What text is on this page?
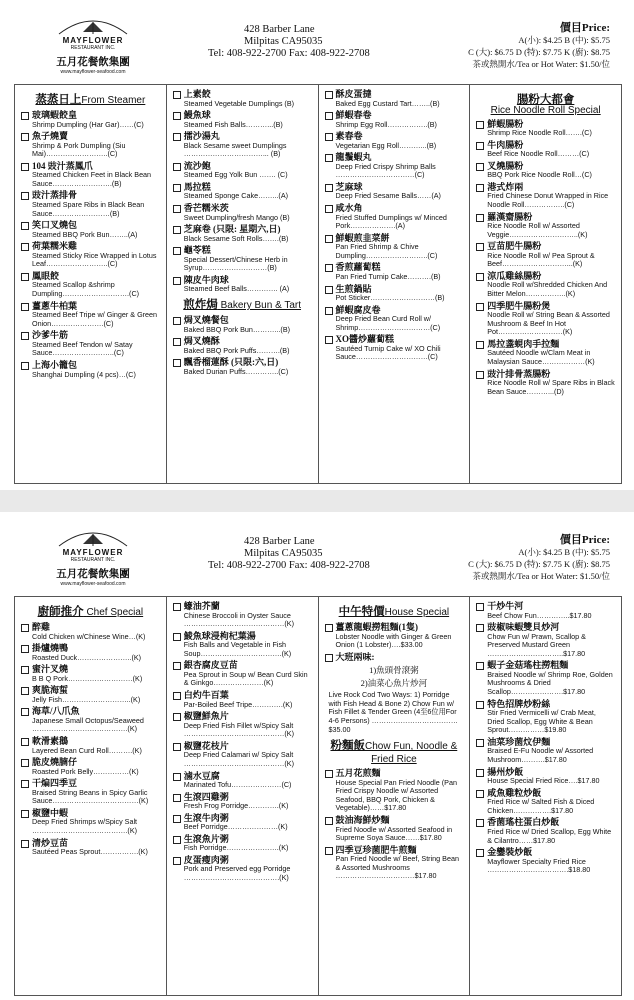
MAYFLOWER
RESTAURANT INC.
五月花餐飲集團
www.mayflower-seafood.com
428 Barber Lane
Milpitas CA95035
Tel: 408-922-2700 Fax: 408-922-2708
價目Price:
A(小): $4.25 B (中): $5.75
C (大): $6.75 D (特): $7.75 K (廚): $8.75
茶或熱開水/Tea or Hot Water: $1.50/位
蒸蒸日上From Steamer
玻璃蝦餃皇
Shrimp Dumpling (Har Gar)……(C)
魚子燒賣
Shrimp & Pork Dumpling (Siu Mai)……………………..(C)
104 豉汁蒸鳳爪
Steamed Chicken Feet in Black Bean Sauce…………………….(B)
豉汁蒸排骨
Steamed Spare Ribs in Black Bean Sauce……………………(B)
笑口叉燒包
Steamed BBQ Pork Bun……..(A)
荷葉糯米雞
Steamed Sticky Rice Wrapped in Lotus Leaf……………………..(C)
鳳眼餃
Steamed Scallop &shrimp Dumpling……………………….(C)
薑蔥牛柏葉
Steamed Beef Tripe w/ Ginger & Green Onion………………….(C)
沙爹牛筋
Steamed Beef Tendon w/ Satay Sauce……………………..(C)
上海小籠包
Shanghai Dumpling (4 pcs)…(C)
上素餃
Steamed Vegetable Dumplings (B)
鰻魚球
Steamed Fish Balls………...(B)
擂沙湯丸
Black Sesame sweet Dumplings ……………………………... (B)
流沙飽
Steamed Egg Yolk Bun ……. (C)
馬拉糕
Steamed Sponge Cake……...(A)
香芒糯米茨
Sweet Dumpling/fresh Mango (B)
芝麻卷 (只限: 星期六,日)
Black Sesame Soft Rolls…….(B)
龜苓糕
Special Dessert/Chinese Herb in Syrup………………………(B)
陳皮牛肉球
Steamed Beef Balls…………. (A)
煎炸焗 Bakery Bun & Tart
焗叉燒餐包
Baked BBQ Pork Bun………...(B)
焗叉燒酥
Baked BBQ Pork Puffs……….(B)
飄香榴蓮酥 (只限:六,日)
Baked Durian Puffs…………..(C)
酥皮蛋撻
Baked Egg Custard Tart……..(B)
鮮蝦春卷
Shrimp Egg Roll……………..(B)
素春卷
Vegetarian Egg Roll………...(B)
龍鬚蝦丸
Deep Fried Crispy Shrimp Balls ……………………………(C)
芝麻球
Deep Fried Sesame Balls……(A)
咸水角
Fried Stuffed Dumplings w/ Minced Pork……………….(A)
鮮蝦煎韭菜餅
Pan Fried Shrimp & Chive Dumpling……………………..(C)
香煎蘿蔔糕
Pan Fried Turnip Cake……….(B)
生煎鍋貼
Pot Sticker………………………(B)
鮮蝦腐皮卷
Deep Fried Bean Curd Roll w/ Shrimp…………………………(C)
XO醬炒蘿蔔糕
Sautéed Turnip Cake w/ XO Chili Sauce…………………………(C)
腸粉大都會
Rice Noodle Roll Special
鮮蝦腸粉
Shrimp Rice Noodle Roll…….(C)
牛肉腸粉
Beef Rice Noodle Roll………(C)
叉燒腸粉
BBQ Pork Rice Noodle Roll…(C)
港式炸兩
Fried Chinese Donut Wrapped in Rice Noodle Roll……………..(C)
羅漢齋腸粉
Rice Noodle Roll w/ Assorted Veggie………………………..(K)
豆苗肥牛腸粉
Rice Noodle Roll w/ Pea Sprout & Beef………………………...(K)
涼瓜雞絲腸粉
Noodle Roll w/Shredded Chicken And Bitter Melon……………..(K)
四季肥牛腸粉煲
Noodle Roll w/ String Bean & Assorted Mushroom & Beef In Hot Pot………………………(K)
馬拉盞蜆肉手拉麵
Sautéed Noodle w/Clam Meat in Malaysian Sauce………………(K)
豉汁排骨蒸腸粉
Rice Noodle Roll w/ Spare Ribs in Black Bean Sauce………...(D)
MAYFLOWER
RESTAURANT INC.
五月花餐飲集團
www.mayflower-seafood.com
428 Barber Lane
Milpitas CA95035
Tel: 408-922-2700 Fax: 408-922-2708
價目Price:
A(小): $4.25 B (中): $5.75
C (大): $6.75 D (特): $7.75 K (廚): $8.75
茶或熱開水/Tea or Hot Water: $1.50/位
廚師推介 Chef Special
醉雞
Cold Chicken w/Chinese Wine…(K)
掛爐燒鴨
Roasted Duck…………………..(K)
蜜汁叉燒
B B Q Pork………………………(K)
爽脆海蜇
Jelly Fish………………………..(K)
海草/八爪魚
Japanese Small Octopus/Seaweed ………………………………….(K)
軟滑素鵝
Layered Bean Curd Roll……….(K)
脆皮燒腩仔
Roasted Pork Belly……………(K)
干煸四季豆
Braised String Beans in Spicy Garlic Sauce………………………………(K)
椒鹽中蝦
Deep Fried Shrimps w/Spicy Salt ………………………………….(K)
清炒豆苗
Sautéed Peas Sprout…………….(K)
蠔油芥蘭
Chinese Broccoli in Oyster Sauce ……………………………………(K)
鯪魚球浸枸杞葉湯
Fish Balls and Vegetable in Fish Soup…………………………….(K)
銀杏腐皮豆苗
Pea Sprout in Soup w/ Bean Curd Skin & Ginkgo…………………(K)
白灼牛百葉
Par-Boiled Beef Tripe………….(K)
椒鹽鮮魚片
Deep Fried Fish Fillet w/Spicy Salt ……………………………………(K)
椒鹽花枝片
Deep Fried Calamari w/ Spicy Salt ……………………………………(K)
滷水豆腐
Marinated Tofu…………………(C)
生滾四雞粥
Fresh Frog Porridge………….(K)
生滾牛肉粥
Beef Porridge…………………(K)
生滾魚片粥
Fish Porridge………………….(K)
皮蛋瘦肉粥
Pork and Preserved egg Porridge ………………………………….(K)
中午特價House Special
薑蔥龍蝦撈粗麵(1隻)
Lobster Noodle with Ginger & Green Onion (1 Lobster)….$33.00
大班兩味:
1)魚頭骨滾粥
2)油菜心魚片炒河
Live Rock Cod Two Ways: 1) Porridge with Fish Head & Bone 2) Chow Fun w/ Fish Fillet & Tender Green (4至6位用For 4-6 Persons) ………………………………$35.00
粉麵飯Chow Fun, Noodle & Fried Rice
五月花煎麵
House Special Pan Fried Noodle (Pan Fried Crispy Noodle w/ Assorted Seafood, BBQ Pork, Chicken & Vegetable)……$17.80
鼓油海鮮炒麵
Fried Noodle w/ Assorted Seafood in Supreme Soya Sauce……$17.80
四季豆珍菌肥牛煎麵
Pan Fried Noodle w/ Beef, String Bean & Assorted Mushrooms ……………………………$17.80
干炒牛河
Beef Chow Fun…………..$17.80
豉椒味蝦雙貝炒河
Chow Fun w/ Prawn, Scallop & Preserved Mustard Green …………………………..$17.80
蝦子金菇瑤柱撈粗麵
Braised Noodle w/ Shrimp Roe, Golden Mushrooms & Dried Scallop………………….$17.80
特色招牌炒粉絲
Stir Fried Vermicelli w/ Crab Meat, Dried Scallop, Egg White & Bean Sprout……………$19.80
油菜珍菌炆伊麵
Braised E-Fu Noodle w/ Assorted Mushroom……….$17.80
揚州炒飯
House Special Fried Rice….$17.80
咸魚雞粒炒飯
Fried Rice w/ Salted Fish & Diced Chicken…………….$17.80
香菌瑤柱蛋白炒飯
Fried Rice w/ Dried Scallop, Egg White & Cilantro……$17.80
金鑾裝炒飯
Mayflower Specialty Fried Rice …………………………….$18.80
